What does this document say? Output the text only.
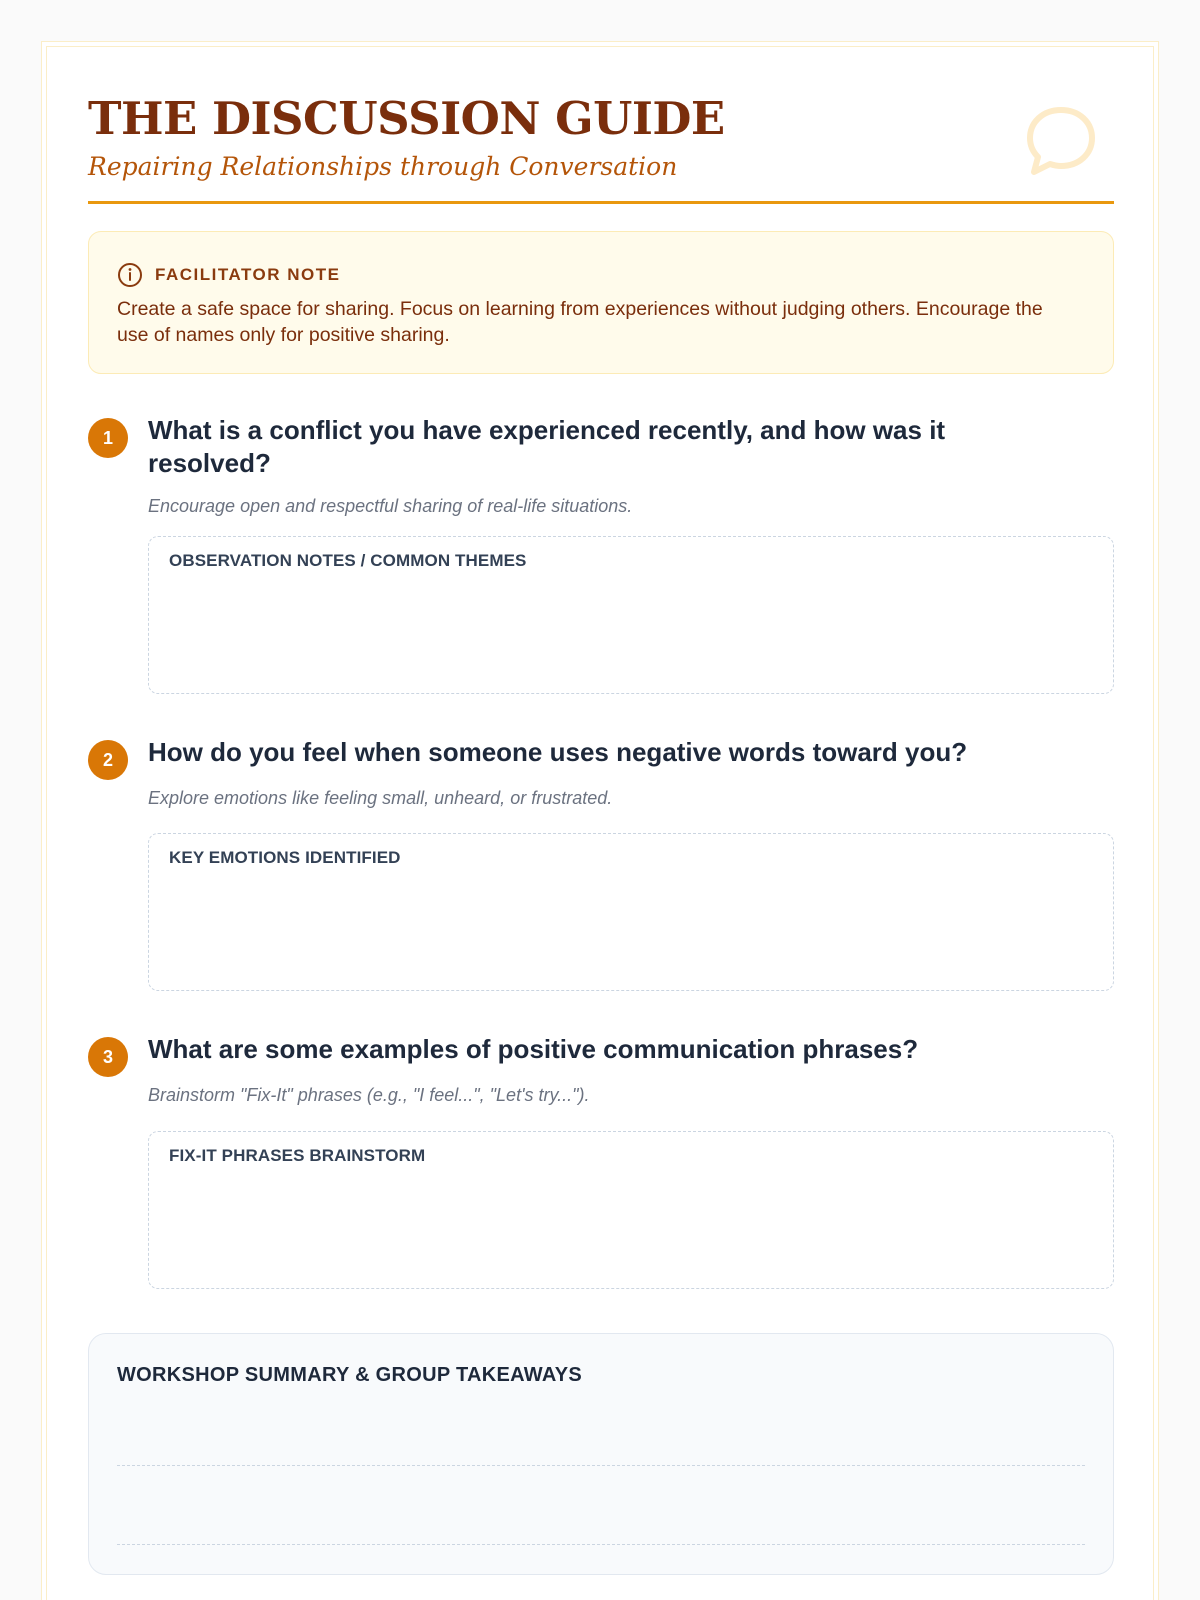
THE DISCUSSION GUIDE

Repairing Relationships through Conversation

FACILITATOR NOTE

Create a safe space for sharing. Focus on learning from experiences without judging others. Encourage the use of names only for positive sharing.

1	What is a conflict you have experienced recently, and how was it resolved?

Encourage open and respectful sharing of real-life situations.

OBSERVATION NOTES / COMMON THEMES
2	How do you feel when someone uses negative words toward you?

Explore emotions like feeling small, unheard, or frustrated.

KEY EMOTIONS IDENTIFIED
3	What are some examples of positive communication phrases?

Brainstorm "Fix-It" phrases (e.g., "I feel...", "Let's try...").

FIX-IT PHRASES BRAINSTORM
WORKSHOP SUMMARY & GROUP TAKEAWAYS
